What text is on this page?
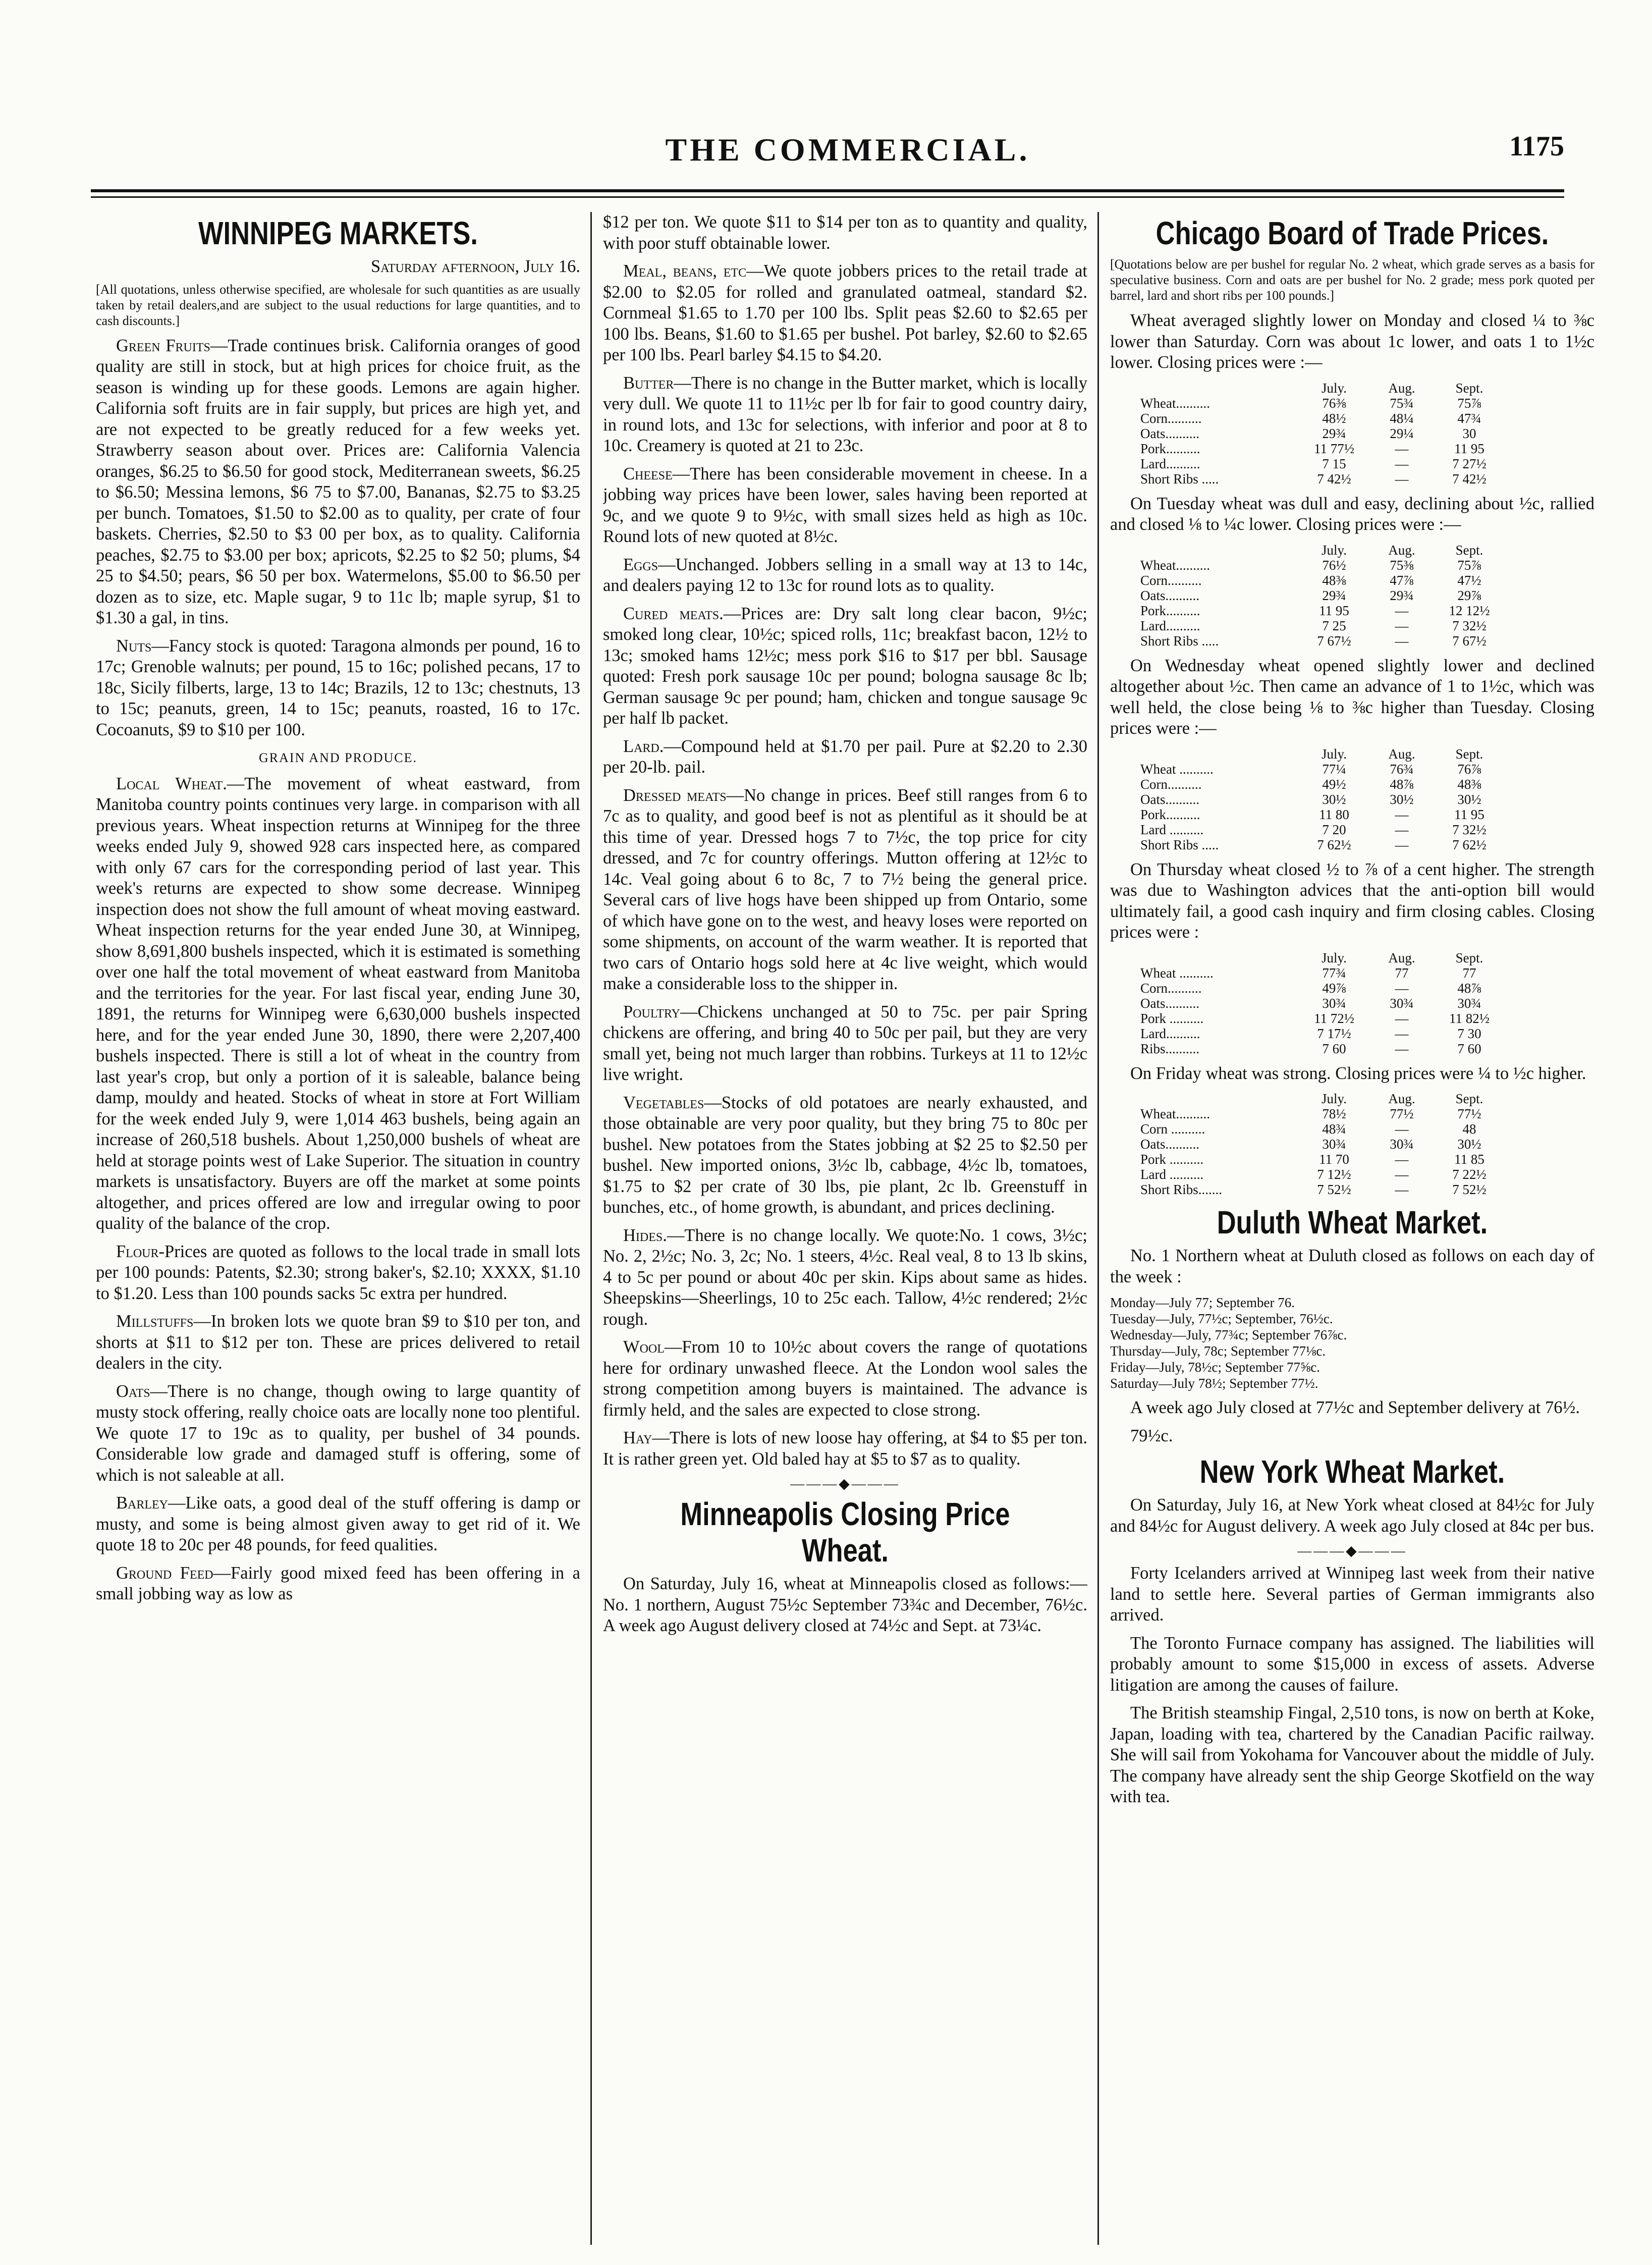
THE COMMERCIAL.	1175
WINNIPEG MARKETS.
Saturday afternoon, July 16.
[All quotations, unless otherwise specified, are wholesale for such quantities as are usually taken by retail dealers,and are subject to the usual reductions for large quantities, and to cash discounts.]

Green Fruits—Trade continues brisk. California oranges of good quality are still in stock, but at high prices for choice fruit, as the season is winding up for these goods. Lemons are again higher. California soft fruits are in fair supply, but prices are high yet, and are not expected to be greatly reduced for a few weeks yet. Strawberry season about over. Prices are: California Valencia oranges, $6.25 to $6.50 for good stock, Mediterranean sweets, $6.25 to $6.50; Messina lemons, $6 75 to $7.00, Bananas, $2.75 to $3.25 per bunch. Tomatoes, $1.50 to $2.00 as to quality, per crate of four baskets. Cherries, $2.50 to $3 00 per box, as to quality. California peaches, $2.75 to $3.00 per box; apricots, $2.25 to $2 50; plums, $4 25 to $4.50; pears, $6 50 per box. Watermelons, $5.00 to $6.50 per dozen as to size, etc. Maple sugar, 9 to 11c lb; maple syrup, $1 to $1.30 a gal, in tins.

Nuts—Fancy stock is quoted: Taragona almonds per pound, 16 to 17c; Grenoble walnuts; per pound, 15 to 16c; polished pecans, 17 to 18c, Sicily filberts, large, 13 to 14c; Brazils, 12 to 13c; chestnuts, 13 to 15c; peanuts, green, 14 to 15c; peanuts, roasted, 16 to 17c. Cocoanuts, $9 to $10 per 100.

GRAIN AND PRODUCE.

Local Wheat.—The movement of wheat eastward, from Manitoba country points continues very large. in comparison with all previous years. Wheat inspection returns at Winnipeg for the three weeks ended July 9, showed 928 cars inspected here, as compared with only 67 cars for the corresponding period of last year. This week's returns are expected to show some decrease. Winnipeg inspection does not show the full amount of wheat moving eastward. Wheat inspection returns for the year ended June 30, at Winnipeg, show 8,691,800 bushels inspected, which it is estimated is something over one half the total movement of wheat eastward from Manitoba and the territories for the year. For last fiscal year, ending June 30, 1891, the returns for Winnipeg were 6,630,000 bushels inspected here, and for the year ended June 30, 1890, there were 2,207,400 bushels inspected. There is still a lot of wheat in the country from last year's crop, but only a portion of it is saleable, balance being damp, mouldy and heated. Stocks of wheat in store at Fort William for the week ended July 9, were 1,014 463 bushels, being again an increase of 260,518 bushels. About 1,250,000 bushels of wheat are held at storage points west of Lake Superior. The situation in country markets is unsatisfactory. Buyers are off the market at some points altogether, and prices offered are low and irregular owing to poor quality of the balance of the crop.

Flour-Prices are quoted as follows to the local trade in small lots per 100 pounds: Patents, $2.30; strong baker's, $2.10; XXXX, $1.10 to $1.20. Less than 100 pounds sacks 5c extra per hundred.

Millstuffs—In broken lots we quote bran $9 to $10 per ton, and shorts at $11 to $12 per ton. These are prices delivered to retail dealers in the city.

Oats—There is no change, though owing to large quantity of musty stock offering, really choice oats are locally none too plentiful. We quote 17 to 19c as to quality, per bushel of 34 pounds. Considerable low grade and damaged stuff is offering, some of which is not saleable at all.

Barley—Like oats, a good deal of the stuff offering is damp or musty, and some is being almost given away to get rid of it. We quote 18 to 20c per 48 pounds, for feed qualities.

Ground Feed—Fairly good mixed feed has been offering in a small jobbing way as low as

$12 per ton. We quote $11 to $14 per ton as to quantity and quality, with poor stuff obtainable lower.

Meal, beans, etc—We quote jobbers prices to the retail trade at $2.00 to $2.05 for rolled and granulated oatmeal, standard $2. Cornmeal $1.65 to 1.70 per 100 lbs. Split peas $2.60 to $2.65 per 100 lbs. Beans, $1.60 to $1.65 per bushel. Pot barley, $2.60 to $2.65 per 100 lbs. Pearl barley $4.15 to $4.20.

Butter—There is no change in the Butter market, which is locally very dull. We quote 11 to 11½c per lb for fair to good country dairy, in round lots, and 13c for selections, with inferior and poor at 8 to 10c. Creamery is quoted at 21 to 23c.

Cheese—There has been considerable movement in cheese. In a jobbing way prices have been lower, sales having been reported at 9c, and we quote 9 to 9½c, with small sizes held as high as 10c. Round lots of new quoted at 8½c.

Eggs—Unchanged. Jobbers selling in a small way at 13 to 14c, and dealers paying 12 to 13c for round lots as to quality.

Cured meats.—Prices are: Dry salt long clear bacon, 9½c; smoked long clear, 10½c; spiced rolls, 11c; breakfast bacon, 12½ to 13c; smoked hams 12½c; mess pork $16 to $17 per bbl. Sausage quoted: Fresh pork sausage 10c per pound; bologna sausage 8c lb; German sausage 9c per pound; ham, chicken and tongue sausage 9c per half lb packet.

Lard.—Compound held at $1.70 per pail. Pure at $2.20 to 2.30 per 20-lb. pail.

Dressed meats—No change in prices. Beef still ranges from 6 to 7c as to quality, and good beef is not as plentiful as it should be at this time of year. Dressed hogs 7 to 7½c, the top price for city dressed, and 7c for country offerings. Mutton offering at 12½c to 14c. Veal going about 6 to 8c, 7 to 7½ being the general price. Several cars of live hogs have been shipped up from Ontario, some of which have gone on to the west, and heavy loses were reported on some shipments, on account of the warm weather. It is reported that two cars of Ontario hogs sold here at 4c live weight, which would make a considerable loss to the shipper in.

Poultry—Chickens unchanged at 50 to 75c. per pair Spring chickens are offering, and bring 40 to 50c per pail, but they are very small yet, being not much larger than robbins. Turkeys at 11 to 12½c live wright.

Vegetables—Stocks of old potatoes are nearly exhausted, and those obtainable are very poor quality, but they bring 75 to 80c per bushel. New potatoes from the States jobbing at $2 25 to $2.50 per bushel. New imported onions, 3½c lb, cabbage, 4½c lb, tomatoes, $1.75 to $2 per crate of 30 lbs, pie plant, 2c lb. Greenstuff in bunches, etc., of home growth, is abundant, and prices declining.

Hides.—There is no change locally. We quote:No. 1 cows, 3½c; No. 2, 2½c; No. 3, 2c; No. 1 steers, 4½c. Real veal, 8 to 13 lb skins, 4 to 5c per pound or about 40c per skin. Kips about same as hides. Sheepskins—Sheerlings, 10 to 25c each. Tallow, 4½c rendered; 2½c rough.

Wool—From 10 to 10½c about covers the range of quotations here for ordinary unwashed fleece. At the London wool sales the strong competition among buyers is maintained. The advance is firmly held, and the sales are expected to close strong.

Hay—There is lots of new loose hay offering, at $4 to $5 per ton. It is rather green yet. Old baled hay at $5 to $7 as to quality.

———◆———
Minneapolis Closing Price Wheat.

On Saturday, July 16, wheat at Minneapolis closed as follows:—No. 1 northern, August 75½c September 73¾c and December, 76½c. A week ago August delivery closed at 74½c and Sept. at 73¼c.

Chicago Board of Trade Prices.
[Quotations below are per bushel for regular No. 2 wheat, which grade serves as a basis for speculative business. Corn and oats are per bushel for No. 2 grade; mess pork quoted per barrel, lard and short ribs per 100 pounds.]

Wheat averaged slightly lower on Monday and closed ¼ to ⅜c lower than Saturday. Corn was about 1c lower, and oats 1 to 1½c lower. Closing prices were :—

	July.	Aug.	Sept.
Wheat..........	76⅜	75¾	75⅞
Corn..........	48½	48¼	47¾
Oats..........	29¾	29¼	30
Pork..........	11 77½	—	11 95
Lard..........	7 15	—	7 27½
Short Ribs .....	7 42½	—	7 42½

On Tuesday wheat was dull and easy, declining about ½c, rallied and closed ⅛ to ¼c lower. Closing prices were :—

	July.	Aug.	Sept.
Wheat..........	76½	75⅜	75⅞
Corn..........	48⅜	47⅞	47½
Oats..........	29¾	29¾	29⅞
Pork..........	11 95	—	12 12½
Lard..........	7 25	—	7 32½
Short Ribs .....	7 67½	—	7 67½

On Wednesday wheat opened slightly lower and declined altogether about ½c. Then came an advance of 1 to 1½c, which was well held, the close being ⅛ to ⅜c higher than Tuesday. Closing prices were :—

	July.	Aug.	Sept.
Wheat ..........	77¼	76¾	76⅞
Corn..........	49½	48⅞	48⅜
Oats..........	30½	30½	30½
Pork..........	11 80	—	11 95
Lard ..........	7 20	—	7 32½
Short Ribs .....	7 62½	—	7 62½

On Thursday wheat closed ½ to ⅞ of a cent higher. The strength was due to Washington advices that the anti-option bill would ultimately fail, a good cash inquiry and firm closing cables. Closing prices were :

	July.	Aug.	Sept.
Wheat ..........	77¾	77	77
Corn..........	49⅞	—	48⅞
Oats..........	30¾	30¾	30¾
Pork ..........	11 72½	—	11 82½
Lard..........	7 17½	—	7 30
Ribs..........	7 60	—	7 60

On Friday wheat was strong. Closing prices were ¼ to ½c higher.

	July.	Aug.	Sept.
Wheat..........	78½	77½	77½
Corn ..........	48¾	—	48
Oats..........	30¾	30¾	30½
Pork ..........	11 70	—	11 85
Lard ..........	7 12½	—	7 22½
Short Ribs.......	7 52½	—	7 52½
Duluth Wheat Market.

No. 1 Northern wheat at Duluth closed as follows on each day of the week :

Monday—July 77; September 76.
Tuesday—July, 77½c; September, 76½c.
Wednesday—July, 77¾c; September 76⅞c.
Thursday—July, 78c; September 77⅛c.
Friday—July, 78½c; September 77⅝c.
Saturday—July 78½; September 77½.

A week ago July closed at 77½c and September delivery at 76½.

79½c.

New York Wheat Market.

On Saturday, July 16, at New York wheat closed at 84½c for July and 84½c for August delivery. A week ago July closed at 84c per bus.

———◆———

Forty Icelanders arrived at Winnipeg last week from their native land to settle here. Several parties of German immigrants also arrived.

The Toronto Furnace company has assigned. The liabilities will probably amount to some $15,000 in excess of assets. Adverse litigation are among the causes of failure.

The British steamship Fingal, 2,510 tons, is now on berth at Koke, Japan, loading with tea, chartered by the Canadian Pacific railway. She will sail from Yokohama for Vancouver about the middle of July. The company have already sent the ship George Skotfield on the way with tea.
